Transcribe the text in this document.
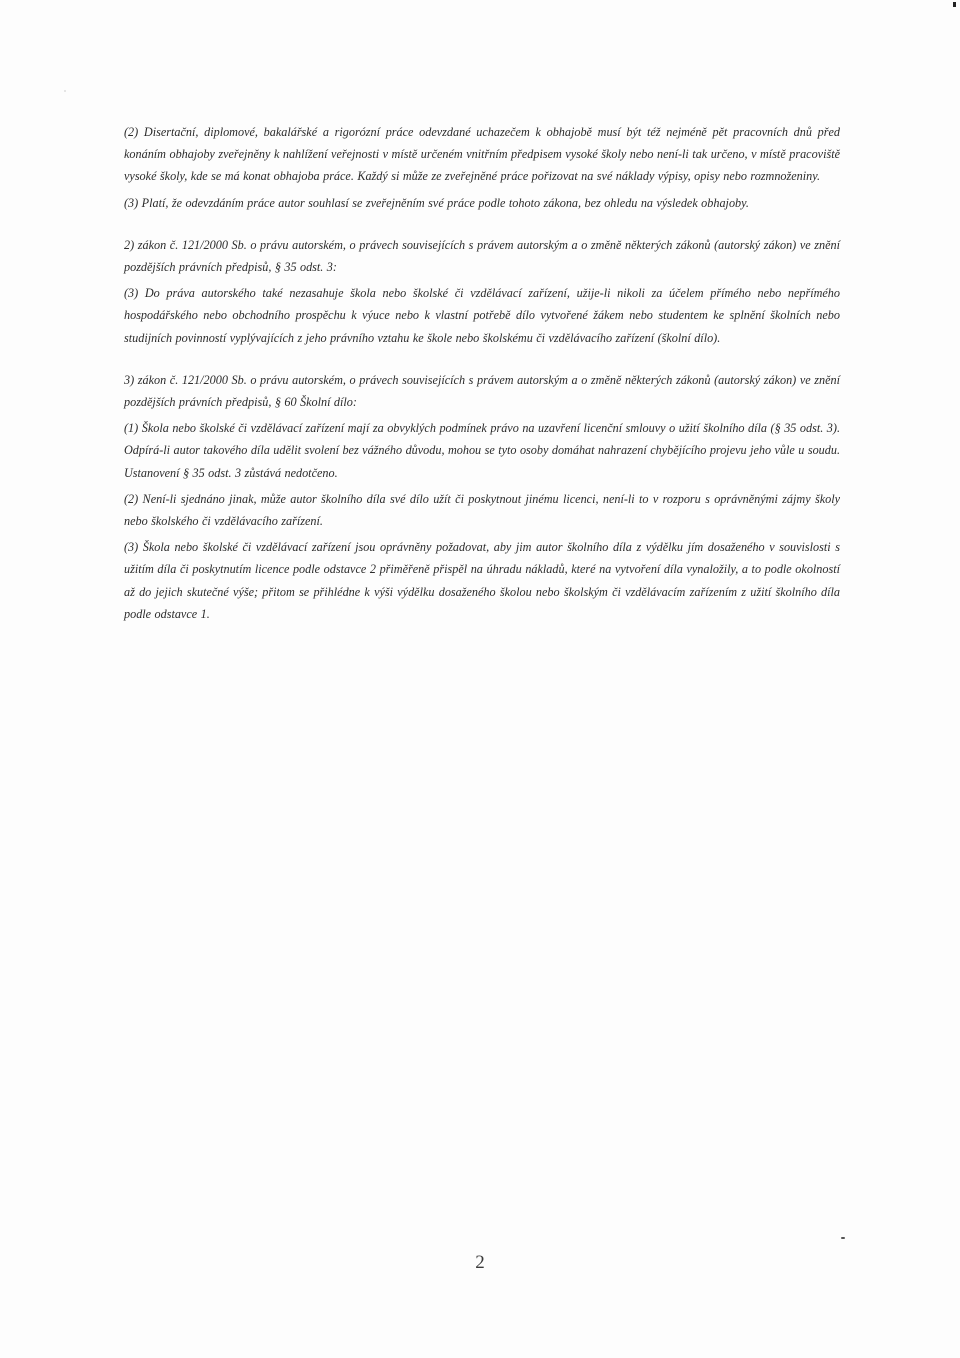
(2) Disertační, diplomové, bakalářské a rigorózní práce odevzdané uchazečem k obhajobě musí být též nejméně pět pracovních dnů před konáním obhajoby zveřejněny k nahlížení veřejnosti v místě určeném vnitřním předpisem vysoké školy nebo není-li tak určeno, v místě pracoviště vysoké školy, kde se má konat obhajoba práce. Každý si může ze zveřejněné práce pořizovat na své náklady výpisy, opisy nebo rozmnoženiny.

(3) Platí, že odevzdáním práce autor souhlasí se zveřejněním své práce podle tohoto zákona, bez ohledu na výsledek obhajoby.

2) zákon č. 121/2000 Sb. o právu autorském, o právech souvisejících s právem autorským a o změně některých zákonů (autorský zákon) ve znění pozdějších právních předpisů, § 35 odst. 3:

(3) Do práva autorského také nezasahuje škola nebo školské či vzdělávací zařízení, užije-li nikoli za účelem přímého nebo nepřímého hospodářského nebo obchodního prospěchu k výuce nebo k vlastní potřebě dílo vytvořené žákem nebo studentem ke splnění školních nebo studijních povinností vyplývajících z jeho právního vztahu ke škole nebo školskému či vzdělávacího zařízení (školní dílo).

3) zákon č. 121/2000 Sb. o právu autorském, o právech souvisejících s právem autorským a o změně některých zákonů (autorský zákon) ve znění pozdějších právních předpisů, § 60 Školní dílo:

(1) Škola nebo školské či vzdělávací zařízení mají za obvyklých podmínek právo na uzavření licenční smlouvy o užití školního díla (§ 35 odst. 3). Odpírá-li autor takového díla udělit svolení bez vážného důvodu, mohou se tyto osoby domáhat nahrazení chybějícího projevu jeho vůle u soudu. Ustanovení § 35 odst. 3 zůstává nedotčeno.

(2) Není-li sjednáno jinak, může autor školního díla své dílo užít či poskytnout jinému licenci, není-li to v rozporu s oprávněnými zájmy školy nebo školského či vzdělávacího zařízení.

(3) Škola nebo školské či vzdělávací zařízení jsou oprávněny požadovat, aby jim autor školního díla z výdělku jím dosaženého v souvislosti s užitím díla či poskytnutím licence podle odstavce 2 přiměřeně přispěl na úhradu nákladů, které na vytvoření díla vynaložily, a to podle okolností až do jejich skutečné výše; přitom se přihlédne k výši výdělku dosaženého školou nebo školským či vzdělávacím zařízením z užití školního díla podle odstavce 1.

2
